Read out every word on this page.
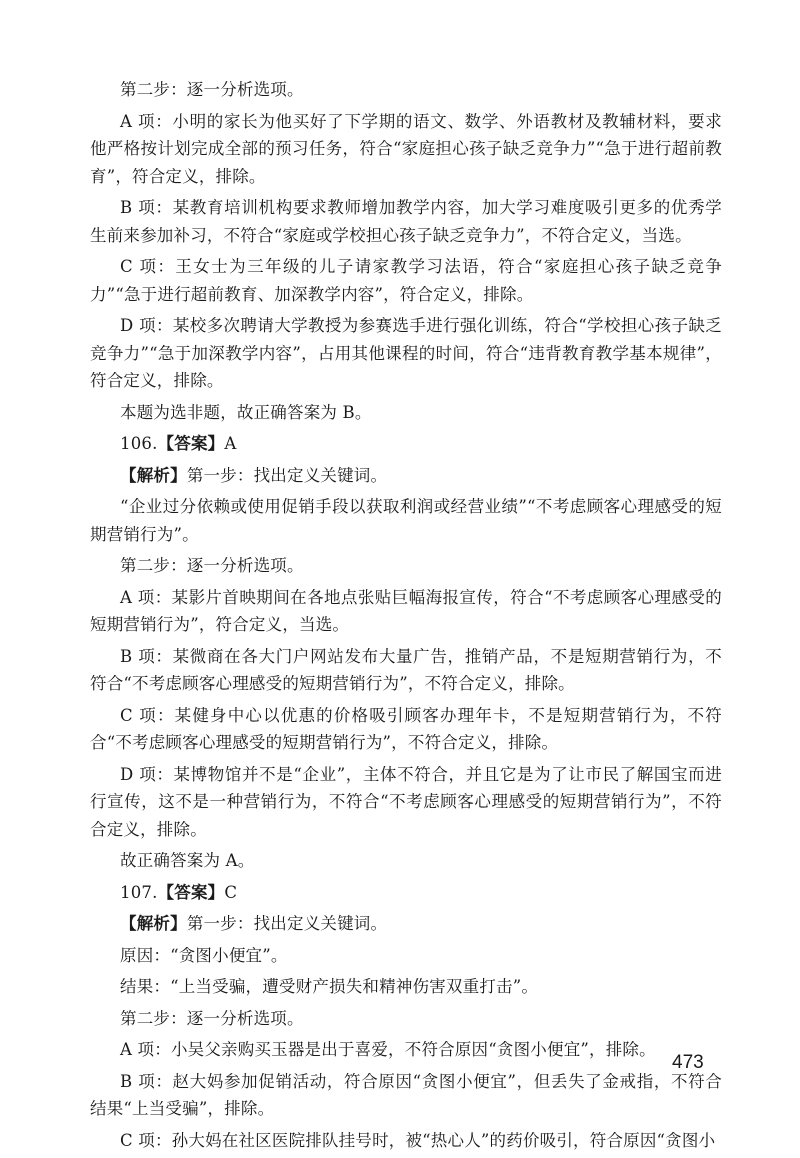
第二步：逐一分析选项。

A 项：小明的家长为他买好了下学期的语文、数学、外语教材及教辅材料，要求他严格按计划完成全部的预习任务，符合“家庭担心孩子缺乏竞争力”“急于进行超前教育”，符合定义，排除。

B 项：某教育培训机构要求教师增加教学内容，加大学习难度吸引更多的优秀学生前来参加补习，不符合“家庭或学校担心孩子缺乏竞争力”，不符合定义，当选。

C 项：王女士为三年级的儿子请家教学习法语，符合“家庭担心孩子缺乏竞争力”“急于进行超前教育、加深教学内容”，符合定义，排除。

D 项：某校多次聘请大学教授为参赛选手进行强化训练，符合“学校担心孩子缺乏竞争力”“急于加深教学内容”，占用其他课程的时间，符合“违背教育教学基本规律”，符合定义，排除。

本题为选非题，故正确答案为 B。

106.【答案】A

【解析】第一步：找出定义关键词。

“企业过分依赖或使用促销手段以获取利润或经营业绩”“不考虑顾客心理感受的短期营销行为”。

第二步：逐一分析选项。

A 项：某影片首映期间在各地点张贴巨幅海报宣传，符合“不考虑顾客心理感受的短期营销行为”，符合定义，当选。

B 项：某微商在各大门户网站发布大量广告，推销产品，不是短期营销行为，不符合“不考虑顾客心理感受的短期营销行为”，不符合定义，排除。

C 项：某健身中心以优惠的价格吸引顾客办理年卡，不是短期营销行为，不符合“不考虑顾客心理感受的短期营销行为”，不符合定义，排除。

D 项：某博物馆并不是“企业”，主体不符合，并且它是为了让市民了解国宝而进行宣传，这不是一种营销行为，不符合“不考虑顾客心理感受的短期营销行为”，不符合定义，排除。

故正确答案为 A。

107.【答案】C

【解析】第一步：找出定义关键词。

原因：“贪图小便宜”。

结果：“上当受骗，遭受财产损失和精神伤害双重打击”。

第二步：逐一分析选项。

A 项：小吴父亲购买玉器是出于喜爱，不符合原因“贪图小便宜”，排除。

B 项：赵大妈参加促销活动，符合原因“贪图小便宜”，但丢失了金戒指，不符合结果“上当受骗”，排除。

C 项：孙大妈在社区医院排队挂号时，被“热心人”的药价吸引，符合原因“贪图小

473
